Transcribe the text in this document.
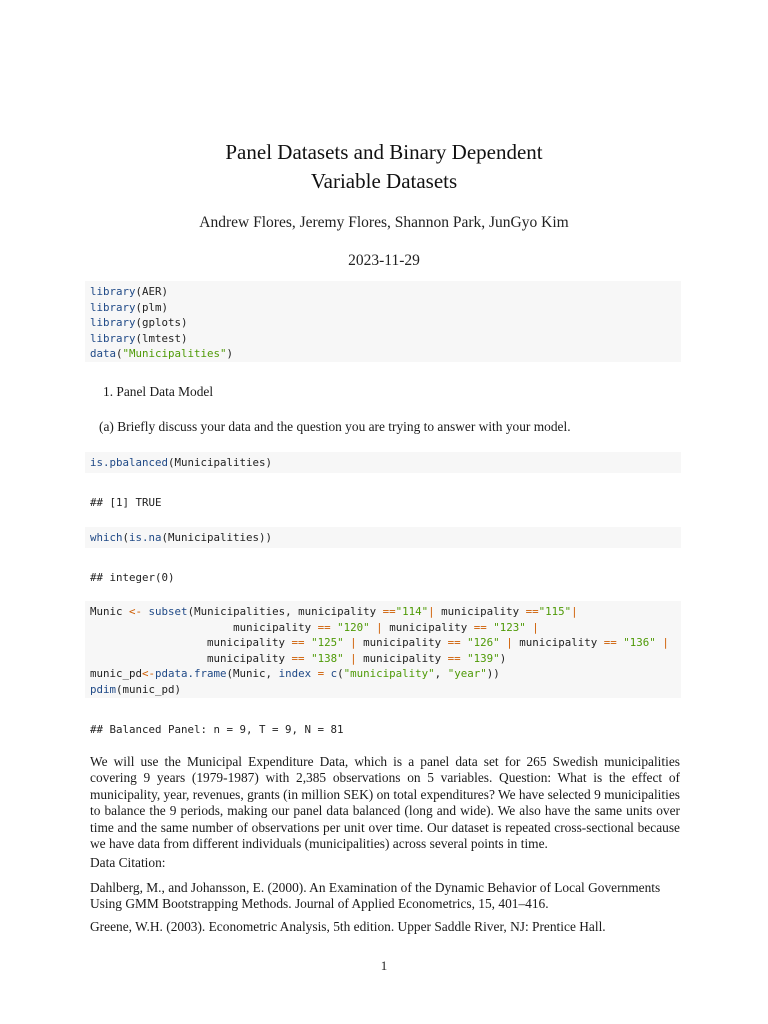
Panel Datasets and Binary Dependent
Variable Datasets
Andrew Flores, Jeremy Flores, Shannon Park, JunGyo Kim
2023-11-29
library(AER)
library(plm)
library(gplots)
library(lmtest)
data("Municipalities")
1. Panel Data Model
(a) Briefly discuss your data and the question you are trying to answer with your model.
is.pbalanced(Municipalities)
## [1] TRUE
which(is.na(Municipalities))
## integer(0)
Munic <- subset(Municipalities, municipality =="114"| municipality =="115"|
municipality == "120" | municipality == "123" |
municipality == "125" | municipality == "126" | municipality == "136" |
municipality == "138" | municipality == "139")
munic_pd<-pdata.frame(Munic, index = c("municipality", "year"))
pdim(munic_pd)
## Balanced Panel: n = 9, T = 9, N = 81
We will use the Municipal Expenditure Data, which is a panel data set for 265 Swedish municipalities covering 9 years (1979-1987) with 2,385 observations on 5 variables. Question: What is the effect of municipality, year, revenues, grants (in million SEK) on total expenditures? We have selected 9 municipalities to balance the 9 periods, making our panel data balanced (long and wide). We also have the same units over time and the same number of observations per unit over time. Our dataset is repeated cross-sectional because we have data from different individuals (municipalities) across several points in time.
Data Citation:
Dahlberg, M., and Johansson, E. (2000). An Examination of the Dynamic Behavior of Local Governments Using GMM Bootstrapping Methods. Journal of Applied Econometrics, 15, 401–416.
Greene, W.H. (2003). Econometric Analysis, 5th edition. Upper Saddle River, NJ: Prentice Hall.
1
